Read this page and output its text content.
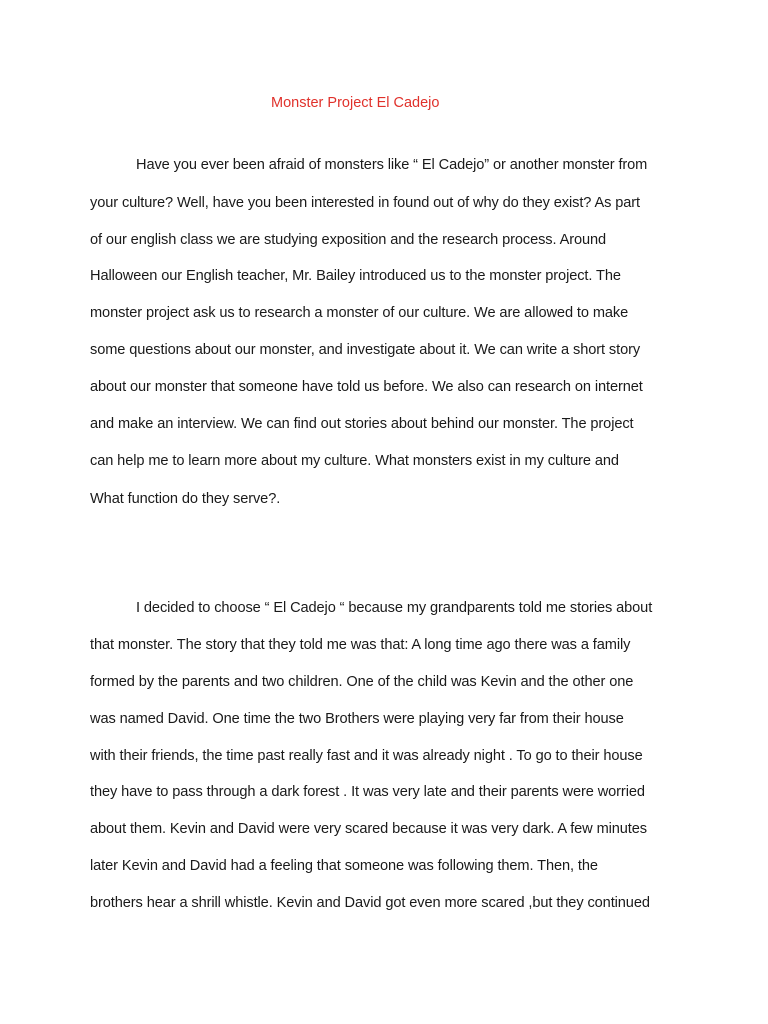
Monster Project El Cadejo
Have you ever been afraid of monsters like “ El Cadejo” or another monster from
your culture? Well, have you been interested in found out of why do they exist? As part
of our english class we are studying exposition and the research process. Around
Halloween our English teacher, Mr. Bailey introduced us to the monster project. The
monster project ask us to research a monster of our culture. We are allowed to make
some questions about our monster, and investigate about it. We can write a short story
about our monster that someone have told us before. We also can research on internet
and make an interview. We can find out stories about behind our monster. The project
can help me to learn more about my culture. What monsters exist in my culture and
What function do they serve?.
I decided to choose “ El Cadejo “ because my grandparents told me stories about
that monster. The story that they told me was that: A long time ago there was a family
formed by the parents and two children. One of the child was Kevin and the other one
was named David. One time the two Brothers were playing very far from their house
with their friends, the time past really fast and it was already night . To go to their house
they have to pass through a dark forest . It was very late and their parents were worried
about them. Kevin and David were very scared because it was very dark. A few minutes
later Kevin and David had a feeling that someone was following them. Then, the
brothers hear a shrill whistle. Kevin and David got even more scared ,but they continued
